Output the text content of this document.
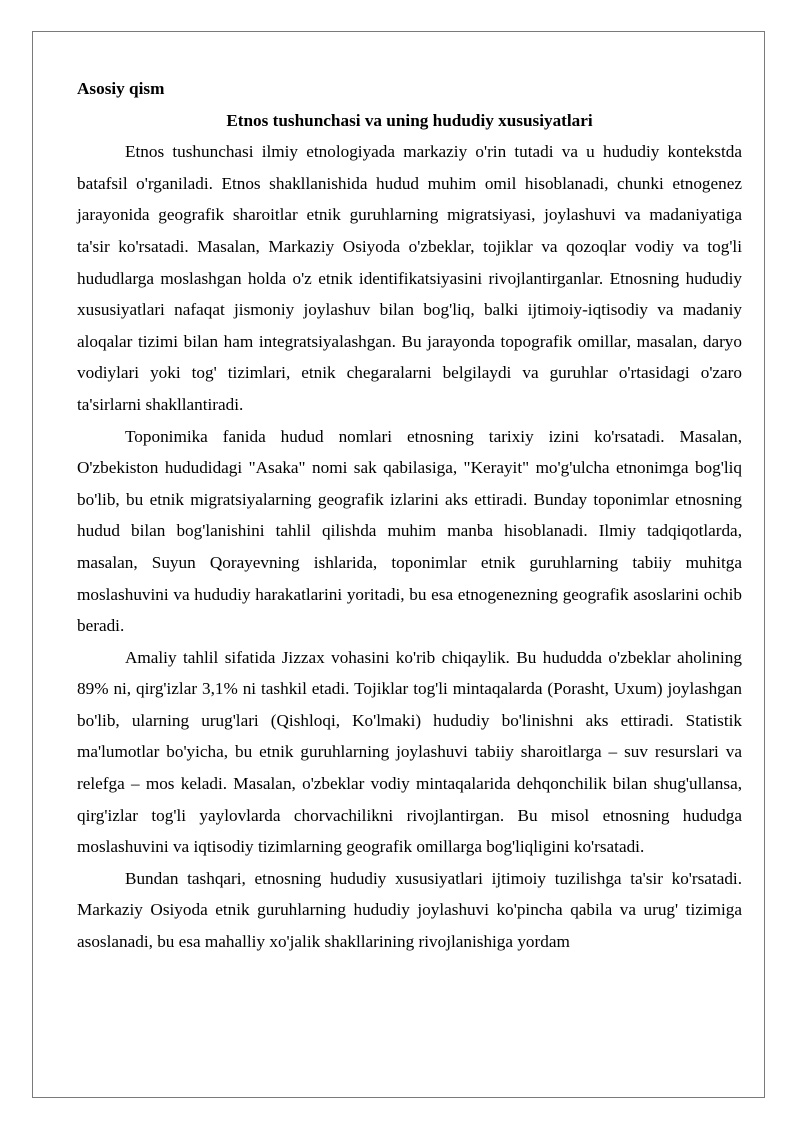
Asosiy qism

Etnos tushunchasi va uning hududiy xususiyatlari

Etnos tushunchasi ilmiy etnologiyada markaziy o'rin tutadi va u hududiy kontekstda batafsil o'rganiladi. Etnos shakllanishida hudud muhim omil hisoblanadi, chunki etnogenez jarayonida geografik sharoitlar etnik guruhlarning migratsiyasi, joylashuvi va madaniyatiga ta'sir ko'rsatadi. Masalan, Markaziy Osiyoda o'zbeklar, tojiklar va qozoqlar vodiy va tog'li hududlarga moslashgan holda o'z etnik identifikatsiyasini rivojlantirganlar. Etnosning hududiy xususiyatlari nafaqat jismoniy joylashuv bilan bog'liq, balki ijtimoiy-iqtisodiy va madaniy aloqalar tizimi bilan ham integratsiyalashgan. Bu jarayonda topografik omillar, masalan, daryo vodiylari yoki tog' tizimlari, etnik chegaralarni belgilaydi va guruhlar o'rtasidagi o'zaro ta'sirlarni shakllantiradi.

Toponimika fanida hudud nomlari etnosning tarixiy izini ko'rsatadi. Masalan, O'zbekiston hududidagi "Asaka" nomi sak qabilasiga, "Kerayit" mo'g'ulcha etnonimga bog'liq bo'lib, bu etnik migratsiyalarning geografik izlarini aks ettiradi. Bunday toponimlar etnosning hudud bilan bog'lanishini tahlil qilishda muhim manba hisoblanadi. Ilmiy tadqiqotlarda, masalan, Suyun Qorayevning ishlarida, toponimlar etnik guruhlarning tabiiy muhitga moslashuvini va hududiy harakatlarini yoritadi, bu esa etnogenezning geografik asoslarini ochib beradi.

Amaliy tahlil sifatida Jizzax vohasini ko'rib chiqaylik. Bu hududda o'zbeklar aholining 89% ni, qirg'izlar 3,1% ni tashkil etadi. Tojiklar tog'li mintaqalarda (Porasht, Uxum) joylashgan bo'lib, ularning urug'lari (Qishloqi, Ko'lmaki) hududiy bo'linishni aks ettiradi. Statistik ma'lumotlar bo'yicha, bu etnik guruhlarning joylashuvi tabiiy sharoitlarga – suv resurslari va relefga – mos keladi. Masalan, o'zbeklar vodiy mintaqalarida dehqonchilik bilan shug'ullansa, qirg'izlar tog'li yaylovlarda chorvachilikni rivojlantirgan. Bu misol etnosning hududga moslashuvini va iqtisodiy tizimlarning geografik omillarga bog'liqligini ko'rsatadi.

Bundan tashqari, etnosning hududiy xususiyatlari ijtimoiy tuzilishga ta'sir ko'rsatadi. Markaziy Osiyoda etnik guruhlarning hududiy joylashuvi ko'pincha qabila va urug' tizimiga asoslanadi, bu esa mahalliy xo'jalik shakllarining rivojlanishiga yordam
